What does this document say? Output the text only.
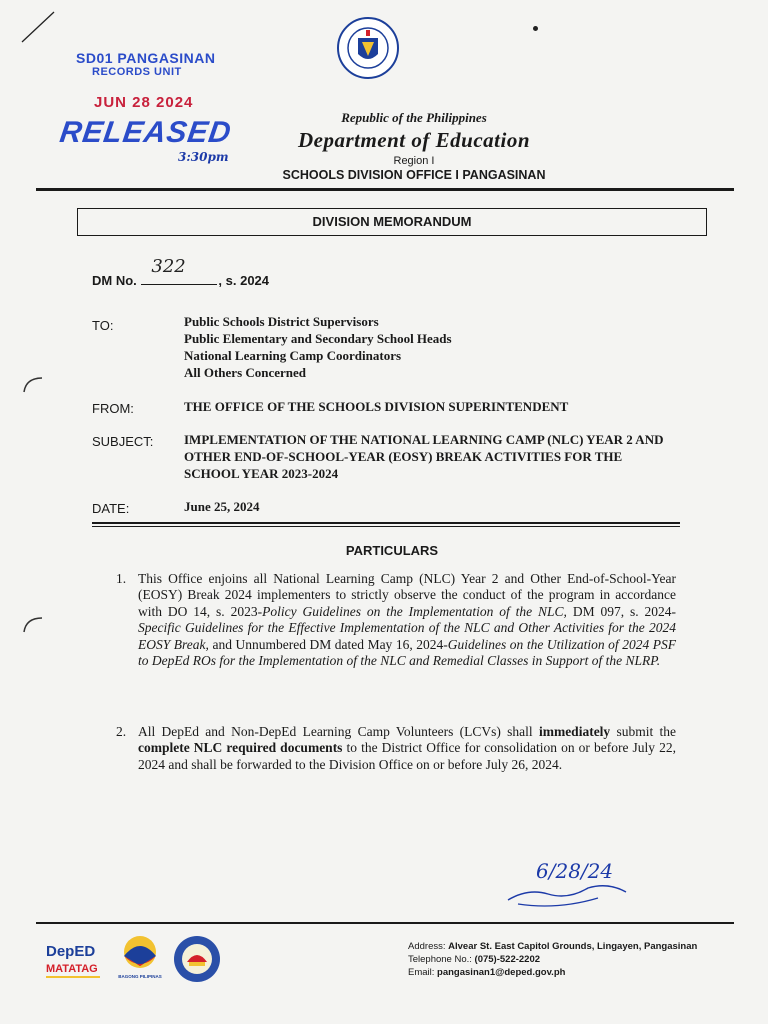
SD01 PANGASINAN
RECORDS UNIT
JUN 28 2024
RELEASED
3:30pm
Republic of the Philippines
Department of Education
Region I
SCHOOLS DIVISION OFFICE I PANGASINAN
DIVISION MEMORANDUM
DM No.
322
, s. 2024
TO:	Public Schools District Supervisors
Public Elementary and Secondary School Heads
National Learning Camp Coordinators
All Others Concerned
FROM:	THE OFFICE OF THE SCHOOLS DIVISION SUPERINTENDENT
SUBJECT: IMPLEMENTATION OF THE NATIONAL LEARNING CAMP (NLC) YEAR 2 AND OTHER END-OF-SCHOOL-YEAR (EOSY) BREAK ACTIVITIES FOR THE SCHOOL YEAR 2023-2024
DATE:	June 25, 2024
PARTICULARS
1. This Office enjoins all National Learning Camp (NLC) Year 2 and Other End-of-School-Year (EOSY) Break 2024 implementers to strictly observe the conduct of the program in accordance with DO 14, s. 2023-Policy Guidelines on the Implementation of the NLC, DM 097, s. 2024-Specific Guidelines for the Effective Implementation of the NLC and Other Activities for the 2024 EOSY Break, and Unnumbered DM dated May 16, 2024-Guidelines on the Utilization of 2024 PSF to DepEd ROs for the Implementation of the NLC and Remedial Classes in Support of the NLRP.
2. All DepEd and Non-DepEd Learning Camp Volunteers (LCVs) shall immediately submit the complete NLC required documents to the District Office for consolidation on or before July 22, 2024 and shall be forwarded to the Division Office on or before July 26, 2024.
6/28/24
DepED
MATATAG
BAGONG PILIPINAS
Address: Alvear St. East Capitol Grounds, Lingayen, Pangasinan
Telephone No.: (075)-522-2202
Email: pangasinan1@deped.gov.ph
